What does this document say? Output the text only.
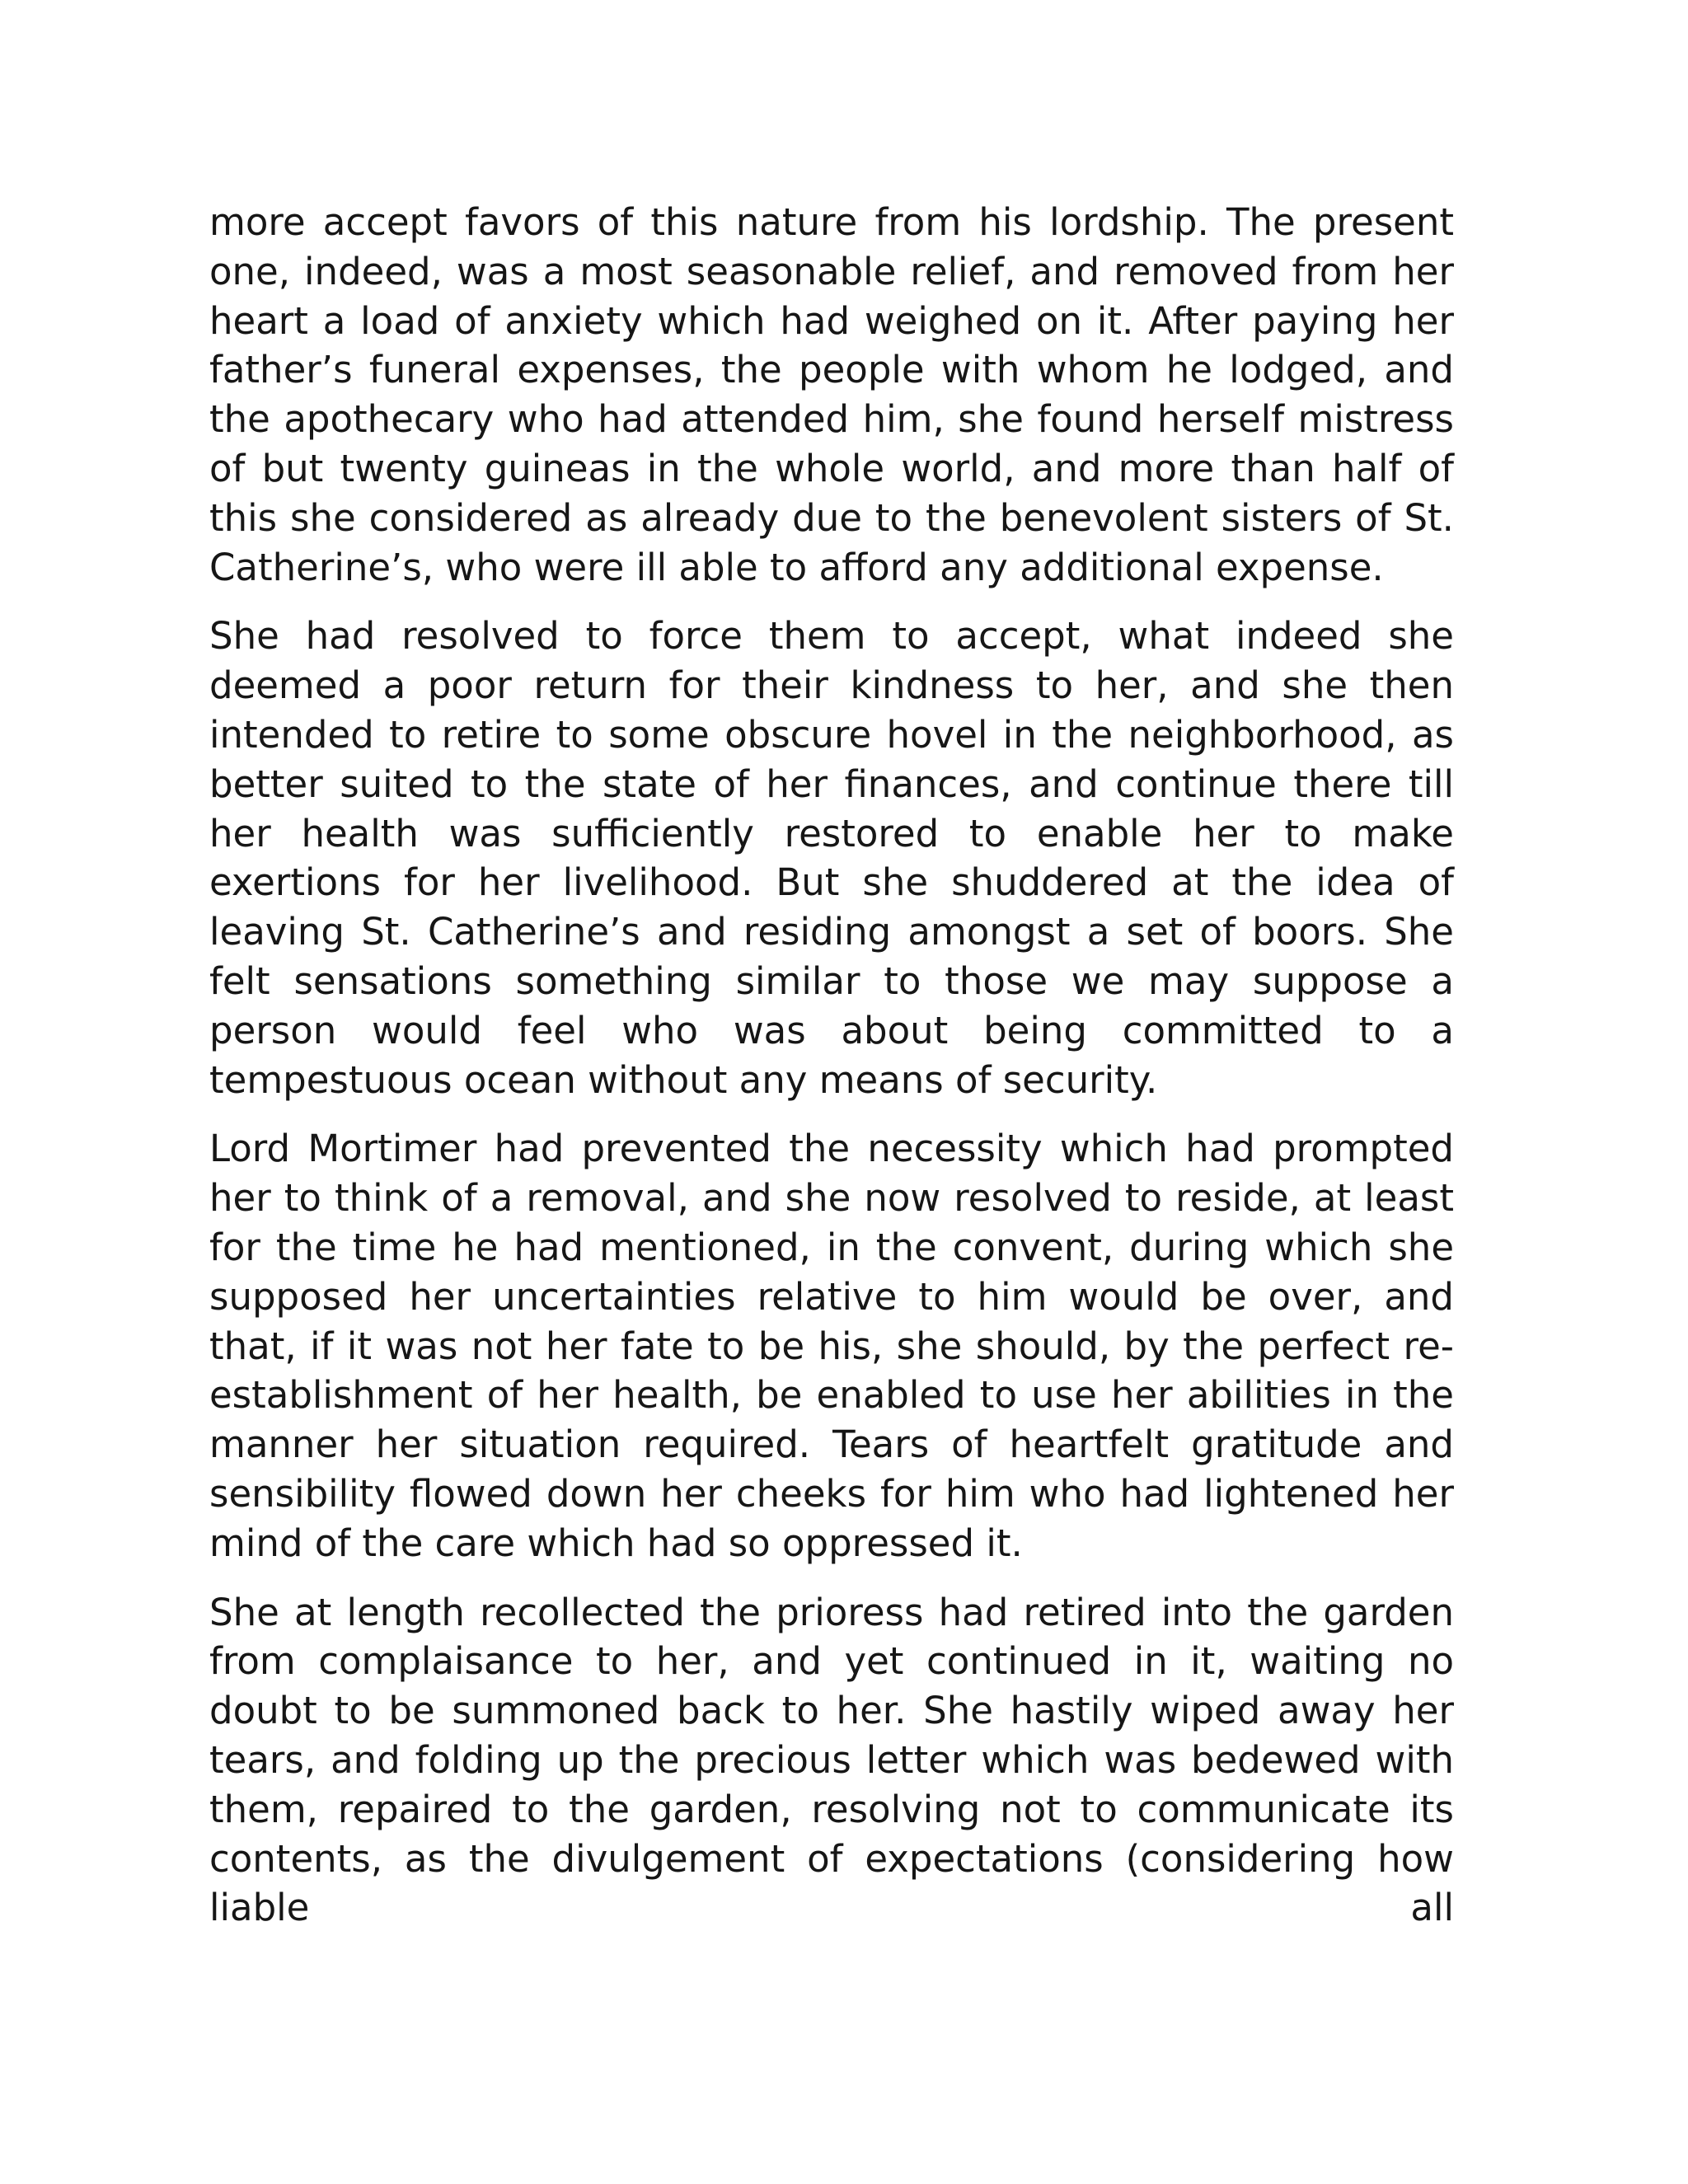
more accept favors of this nature from his lordship. The present one, indeed, was a most seasonable relief, and removed from her heart a load of anxiety which had weighed on it. After paying her father’s funeral expenses, the people with whom he lodged, and the apothecary who had attended him, she found herself mistress of but twenty guineas in the whole world, and more than half of this she considered as already due to the benevolent sisters of St. Catherine’s, who were ill able to afford any additional expense.

She had resolved to force them to accept, what indeed she deemed a poor return for their kindness to her, and she then intended to retire to some obscure hovel in the neighborhood, as better suited to the state of her finances, and continue there till her health was sufficiently restored to enable her to make exertions for her livelihood. But she shuddered at the idea of leaving St. Catherine’s and residing amongst a set of boors. She felt sensations something similar to those we may suppose a person would feel who was about being committed to a tempestuous ocean without any means of security.

Lord Mortimer had prevented the necessity which had prompted her to think of a removal, and she now resolved to reside, at least for the time he had mentioned, in the convent, during which she supposed her uncertainties relative to him would be over, and that, if it was not her fate to be his, she should, by the perfect re-establishment of her health, be enabled to use her abilities in the manner her situation required. Tears of heartfelt gratitude and sensibility flowed down her cheeks for him who had lightened her mind of the care which had so oppressed it.

She at length recollected the prioress had retired into the garden from complaisance to her, and yet continued in it, waiting no doubt to be summoned back to her. She hastily wiped away her tears, and folding up the precious letter which was bedewed with them, repaired to the garden, resolving not to communicate its contents, as the divulgement of expectations (considering how liable all
